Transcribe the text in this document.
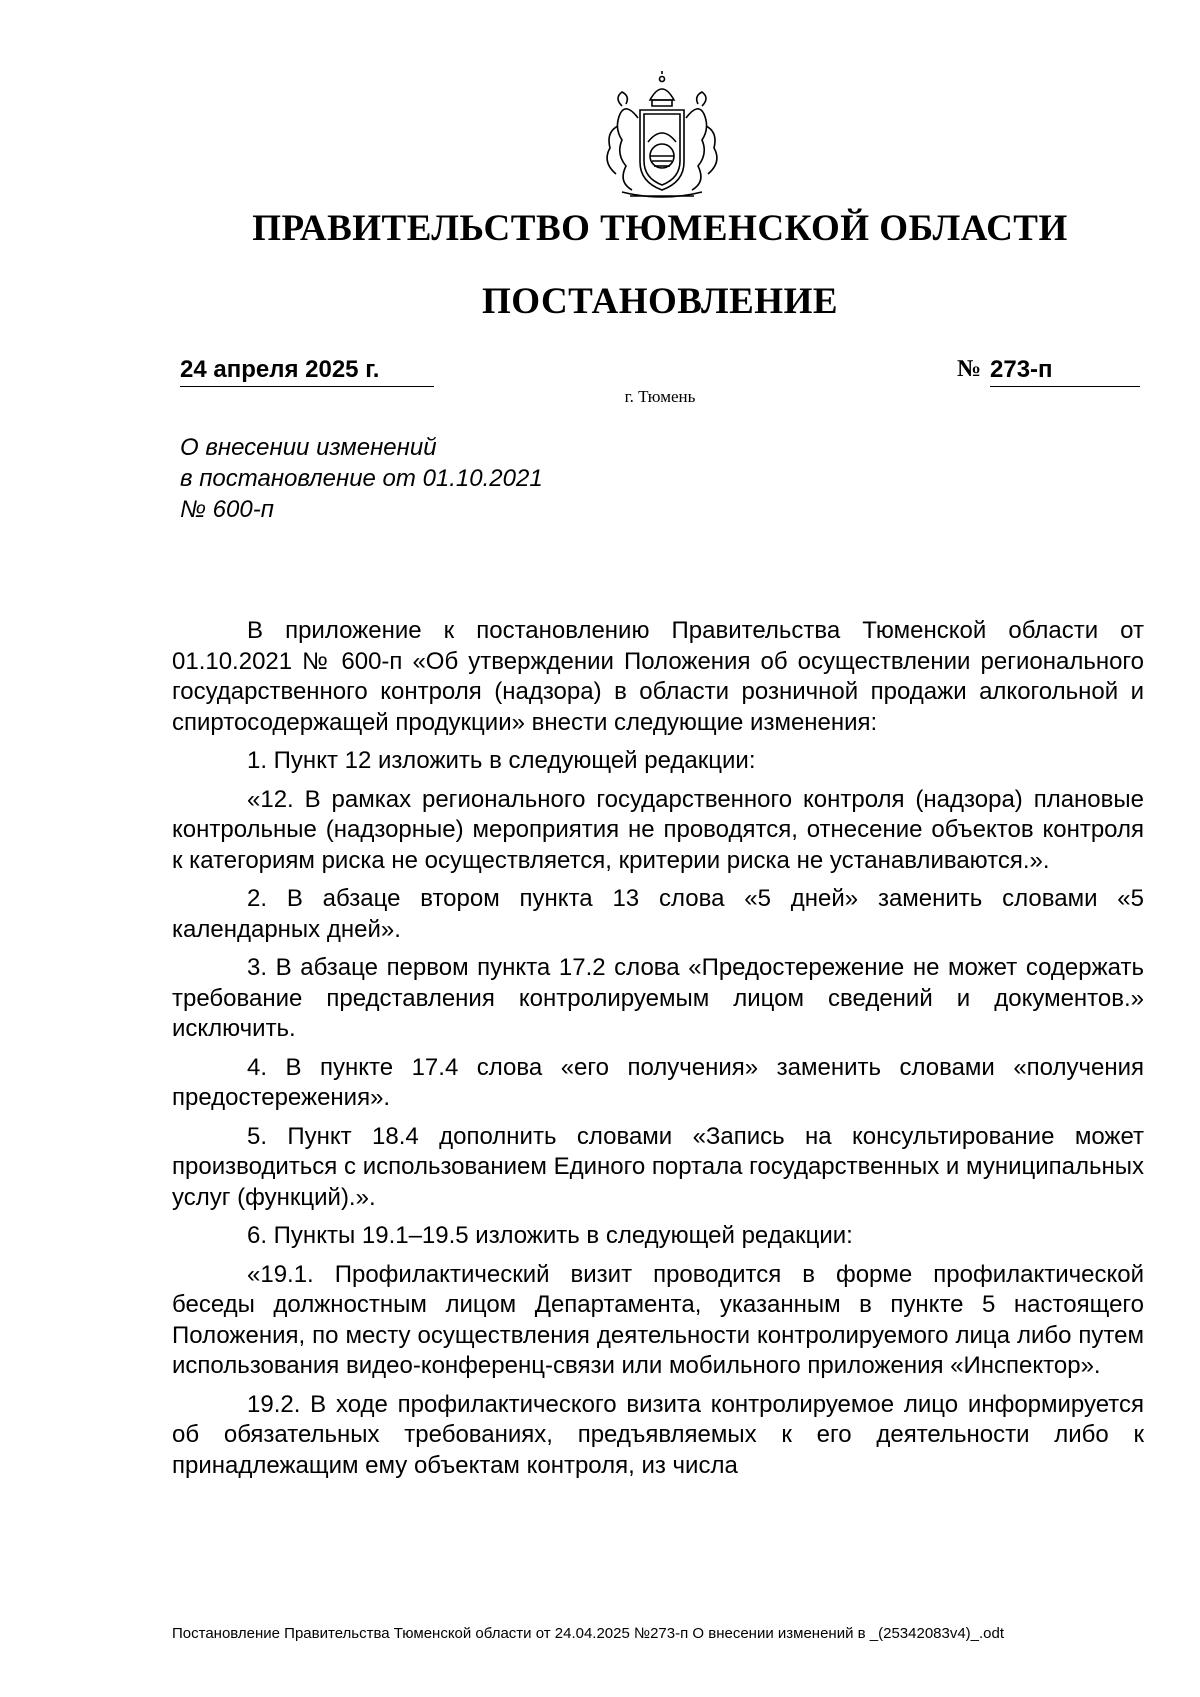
ПРАВИТЕЛЬСТВО ТЮМЕНСКОЙ ОБЛАСТИ
ПОСТАНОВЛЕНИЕ
24 апреля 2025 г.	№ 273-п
г. Тюмень
О внесении изменений
в постановление от 01.10.2021
№ 600-п

В приложение к постановлению Правительства Тюменской области от 01.10.2021 № 600-п «Об утверждении Положения об осуществлении регионального государственного контроля (надзора) в области розничной продажи алкогольной и спиртосодержащей продукции» внести следующие изменения:

1. Пункт 12 изложить в следующей редакции:

«12. В рамках регионального государственного контроля (надзора) плановые контрольные (надзорные) мероприятия не проводятся, отнесение объектов контроля к категориям риска не осуществляется, критерии риска не устанавливаются.».

2. В абзаце втором пункта 13 слова «5 дней» заменить словами «5 календарных дней».

3. В абзаце первом пункта 17.2 слова «Предостережение не может содержать требование представления контролируемым лицом сведений и документов.» исключить.

4. В пункте 17.4 слова «его получения» заменить словами «получения предостережения».

5. Пункт 18.4 дополнить словами «Запись на консультирование может производиться с использованием Единого портала государственных и муниципальных услуг (функций).».

6. Пункты 19.1–19.5 изложить в следующей редакции:

«19.1. Профилактический визит проводится в форме профилактической беседы должностным лицом Департамента, указанным в пункте 5 настоящего Положения, по месту осуществления деятельности контролируемого лица либо путем использования видео-конференц-связи или мобильного приложения «Инспектор».

19.2. В ходе профилактического визита контролируемое лицо информируется об обязательных требованиях, предъявляемых к его деятельности либо к принадлежащим ему объектам контроля, из числа

Постановление Правительства Тюменской области от 24.04.2025 №273-п О внесении изменений в _(25342083v4)_.odt
